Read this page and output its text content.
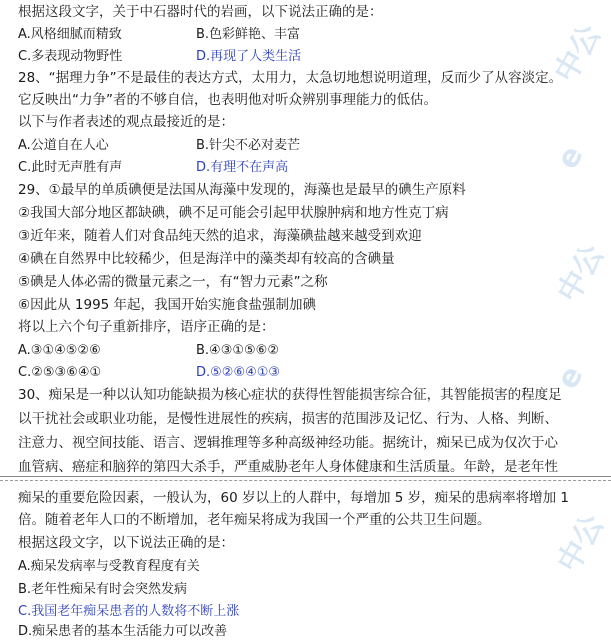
中公
e
中公
e
中公
根据这段文字，关于中石器时代的岩画，以下说法正确的是：
A.风格细腻而精致	B.色彩鲜艳、丰富
C.多表现动物野性	D.再现了人类生活
28、“据理力争”不是最佳的表达方式，太用力，太急切地想说明道理，反而少了从容淡定。
它反映出“力争”者的不够自信，也表明他对听众辨别事理能力的低估。
以下与作者表述的观点最接近的是：
A.公道自在人心	B.针尖不必对麦芒
C.此时无声胜有声	D.有理不在声高
29、①最早的单质碘便是法国从海藻中发现的，海藻也是最早的碘生产原料
②我国大部分地区都缺碘，碘不足可能会引起甲状腺肿病和地方性克丁病
③近年来，随着人们对食品纯天然的追求，海藻碘盐越来越受到欢迎
④碘在自然界中比较稀少，但是海洋中的藻类却有较高的含碘量
⑤碘是人体必需的微量元素之一，有“智力元素”之称
⑥因此从 1995 年起，我国开始实施食盐强制加碘
将以上六个句子重新排序，语序正确的是：
A.③①④⑤②⑥	B.④③①⑤⑥②
C.②⑤③⑥④①	D.⑤②⑥④①③
30、痴呆是一种以认知功能缺损为核心症状的获得性智能损害综合征，其智能损害的程度足
以干扰社会或职业功能，是慢性进展性的疾病，损害的范围涉及记忆、行为、人格、判断、
注意力、视空间技能、语言、逻辑推理等多种高级神经功能。据统计，痴呆已成为仅次于心
血管病、癌症和脑猝的第四大杀手，严重威胁老年人身体健康和生活质量。年龄，是老年性
痴呆的重要危险因素，一般认为，60 岁以上的人群中，每增加 5 岁，痴呆的患病率将增加 1
倍。随着老年人口的不断增加，老年痴呆将成为我国一个严重的公共卫生问题。
根据这段文字，以下说法正确的是：
A.痴呆发病率与受教育程度有关
B.老年性痴呆有时会突然发病
C.我国老年痴呆患者的人数将不断上涨
D.痴呆患者的基本生活能力可以改善
